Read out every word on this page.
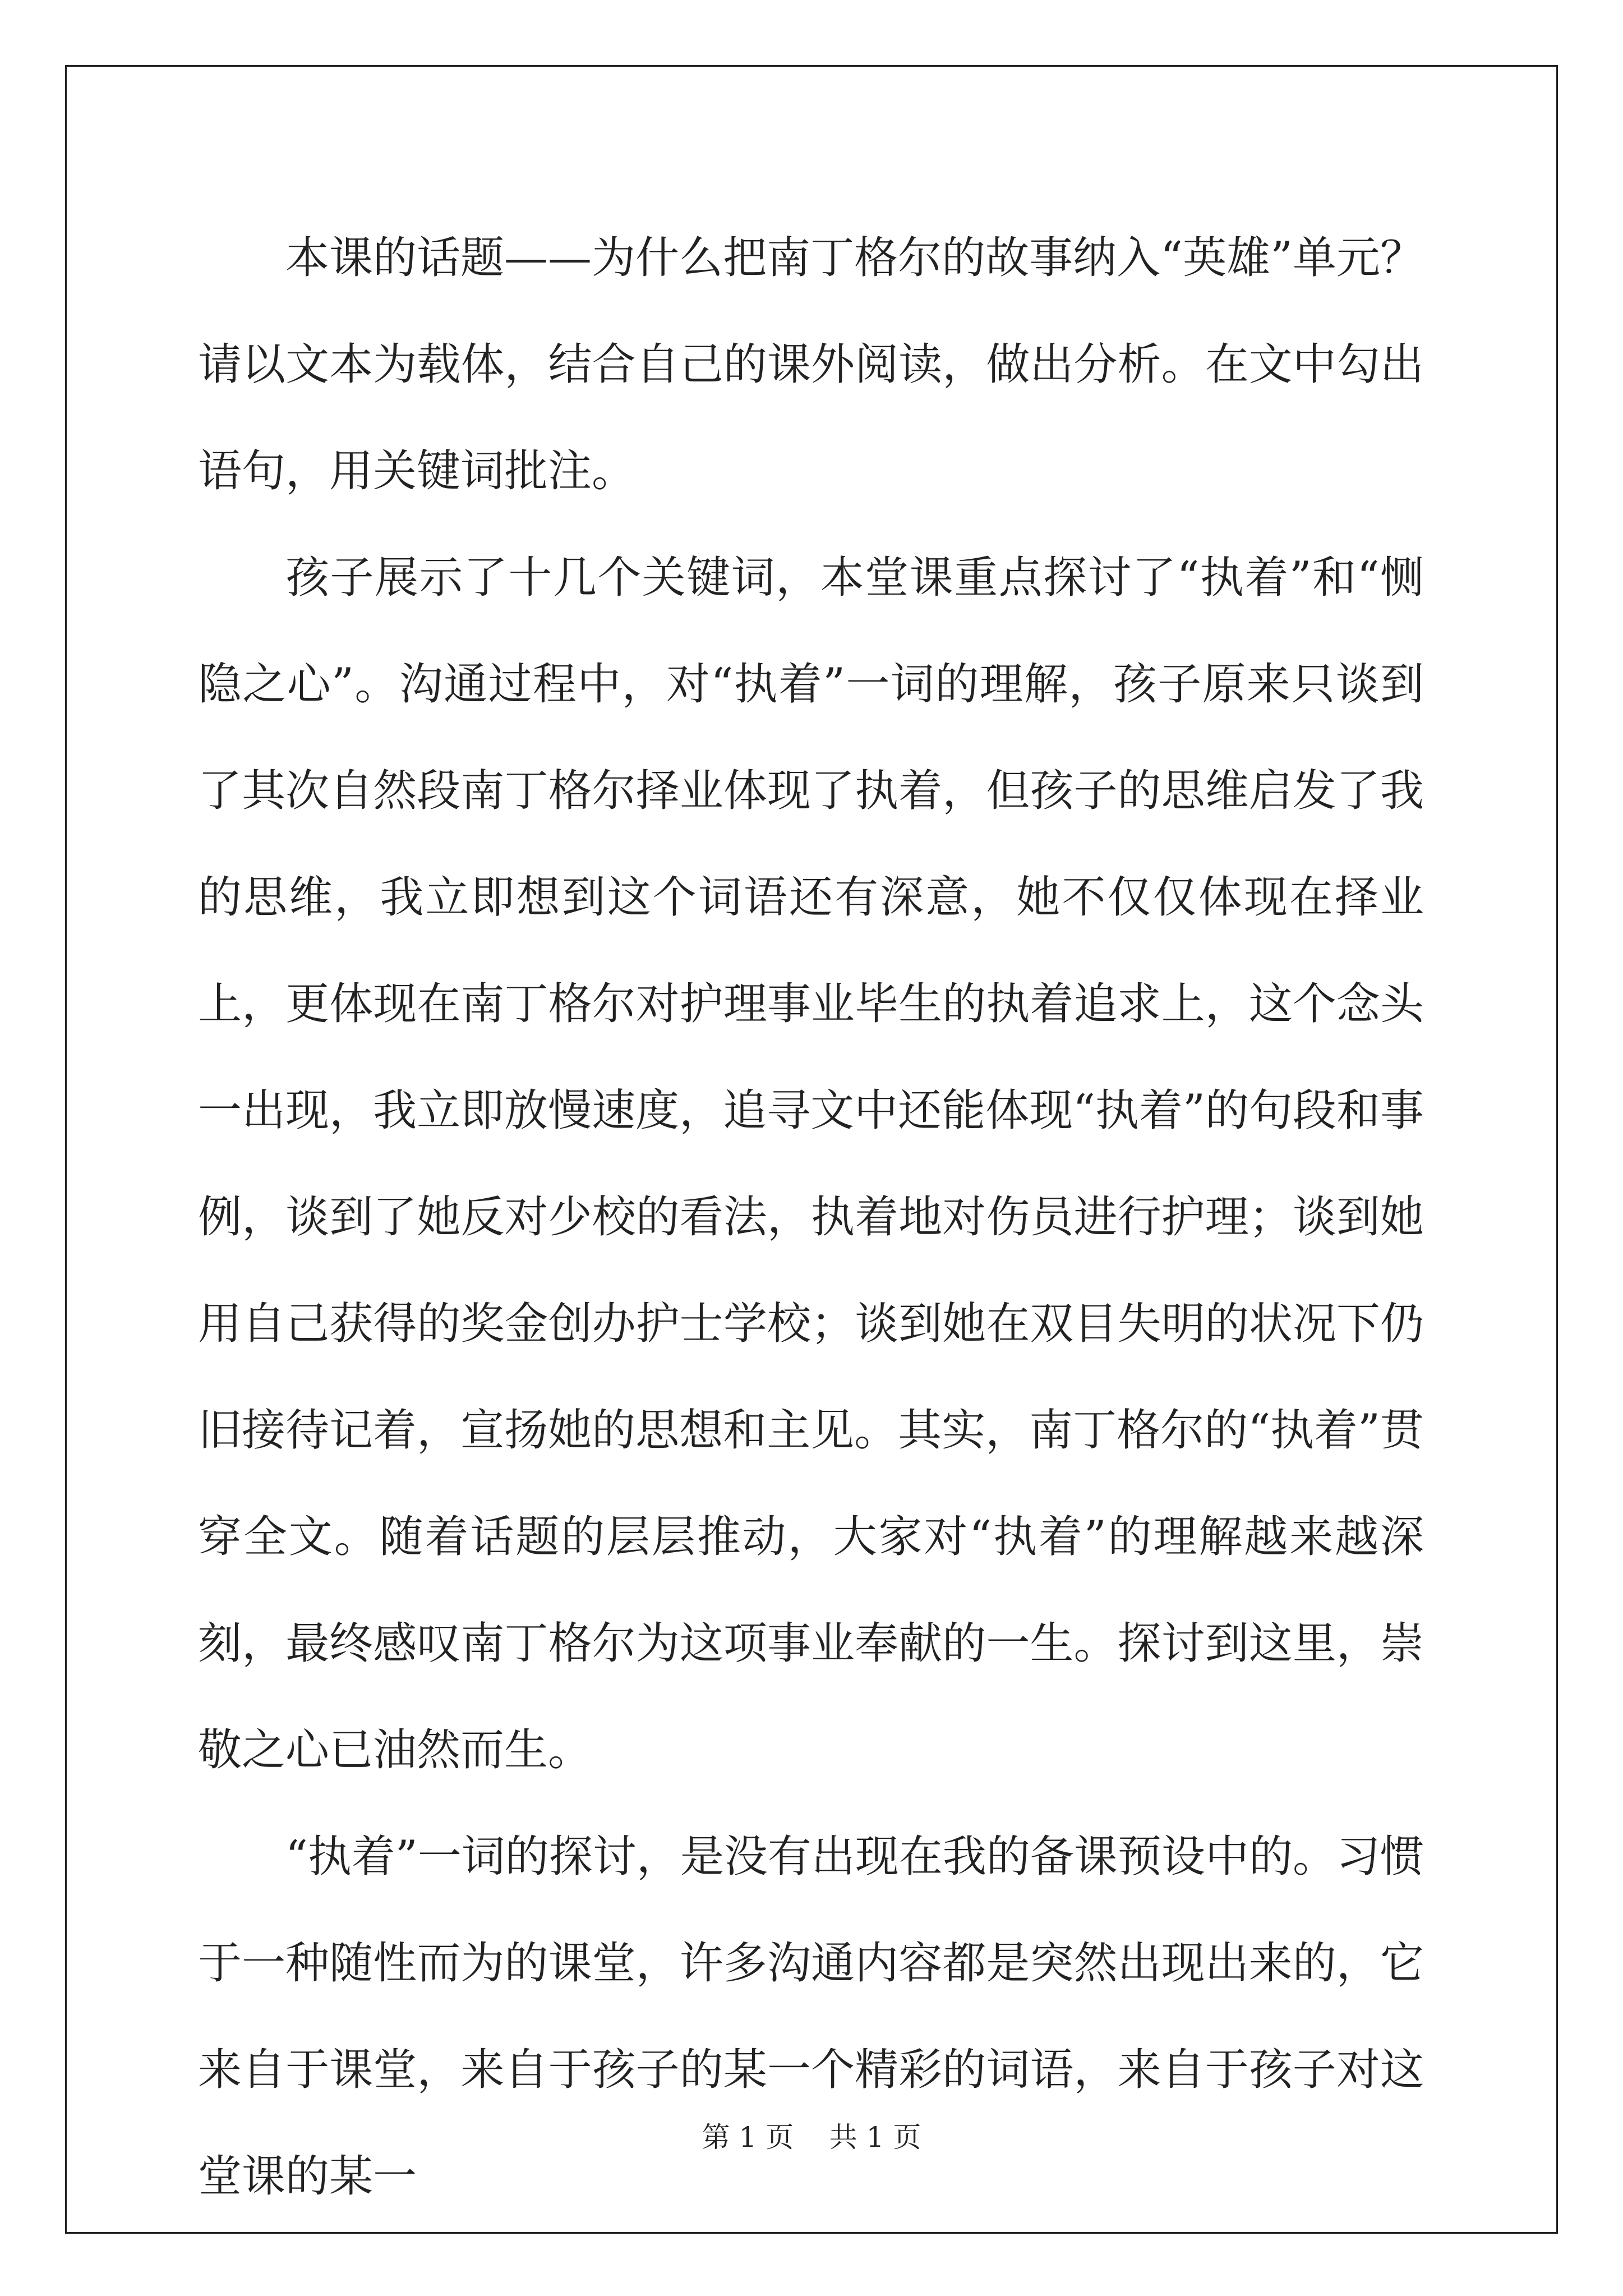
本课的话题——为什么把南丁格尔的故事纳入“英雄”单元？请以文本为载体，结合自己的课外阅读，做出分析。在文中勾出语句，用关键词批注。

孩子展示了十几个关键词，本堂课重点探讨了“执着”和“恻隐之心”。沟通过程中，对“执着”一词的理解，孩子原来只谈到了其次自然段南丁格尔择业体现了执着，但孩子的思维启发了我的思维，我立即想到这个词语还有深意，她不仅仅体现在择业上，更体现在南丁格尔对护理事业毕生的执着追求上，这个念头一出现，我立即放慢速度，追寻文中还能体现“执着”的句段和事例，谈到了她反对少校的看法，执着地对伤员进行护理；谈到她用自己获得的奖金创办护士学校；谈到她在双目失明的状况下仍旧接待记着，宣扬她的思想和主见。其实，南丁格尔的“执着”贯穿全文。随着话题的层层推动，大家对“执着”的理解越来越深刻，最终感叹南丁格尔为这项事业奉献的一生。探讨到这里，崇敬之心已油然而生。

“执着”一词的探讨，是没有出现在我的备课预设中的。习惯于一种随性而为的课堂，许多沟通内容都是突然出现出来的，它来自于课堂，来自于孩子的某一个精彩的词语，来自于孩子对这堂课的某一

第 1 页    共 1 页
